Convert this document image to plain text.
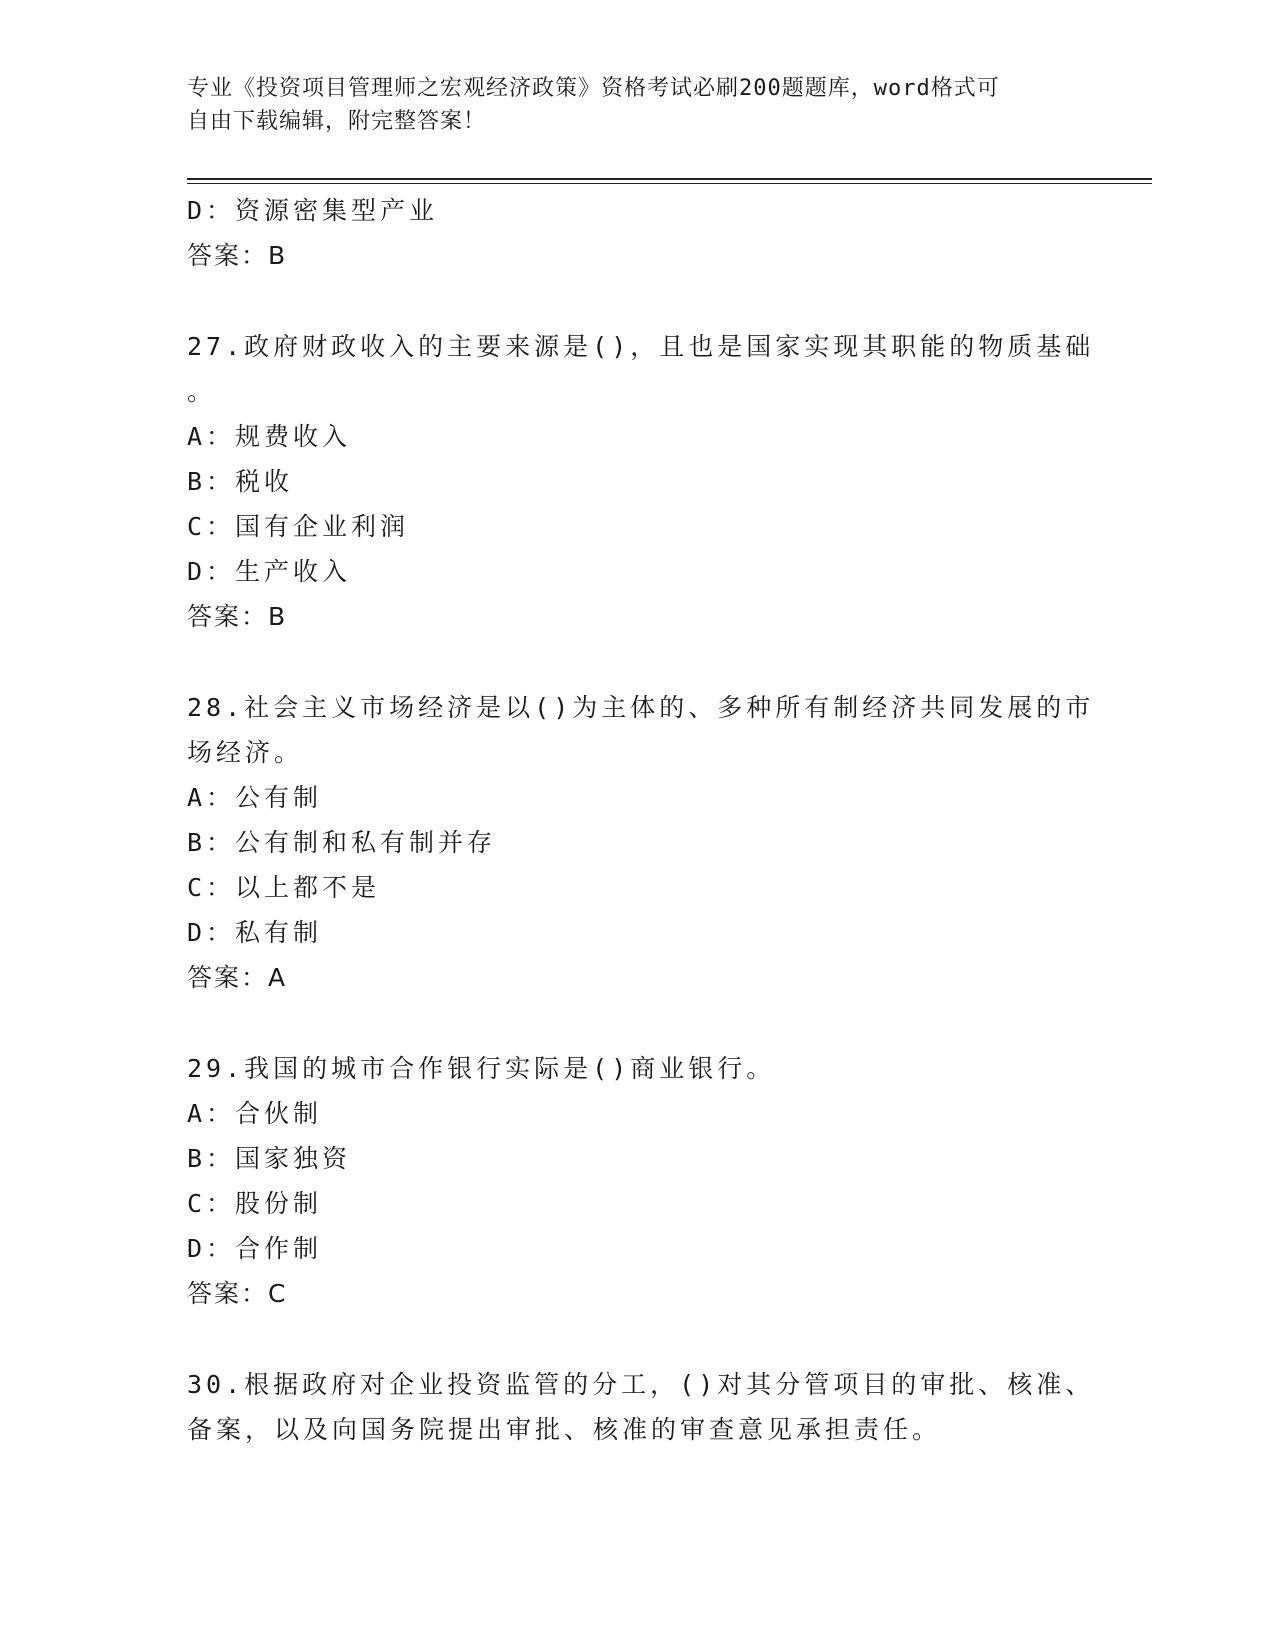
专业《投资项目管理师之宏观经济政策》资格考试必刷200题题库，word格式可
自由下载编辑，附完整答案！
D：资源密集型产业
答案：B
27.政府财政收入的主要来源是()，且也是国家实现其职能的物质基础
。
A：规费收入
B：税收
C：国有企业利润
D：生产收入
答案：B
28.社会主义市场经济是以()为主体的、多种所有制经济共同发展的市
场经济。
A：公有制
B：公有制和私有制并存
C：以上都不是
D：私有制
答案：A
29.我国的城市合作银行实际是()商业银行。
A：合伙制
B：国家独资
C：股份制
D：合作制
答案：C
30.根据政府对企业投资监管的分工，()对其分管项目的审批、核准、
备案，以及向国务院提出审批、核准的审查意见承担责任。
